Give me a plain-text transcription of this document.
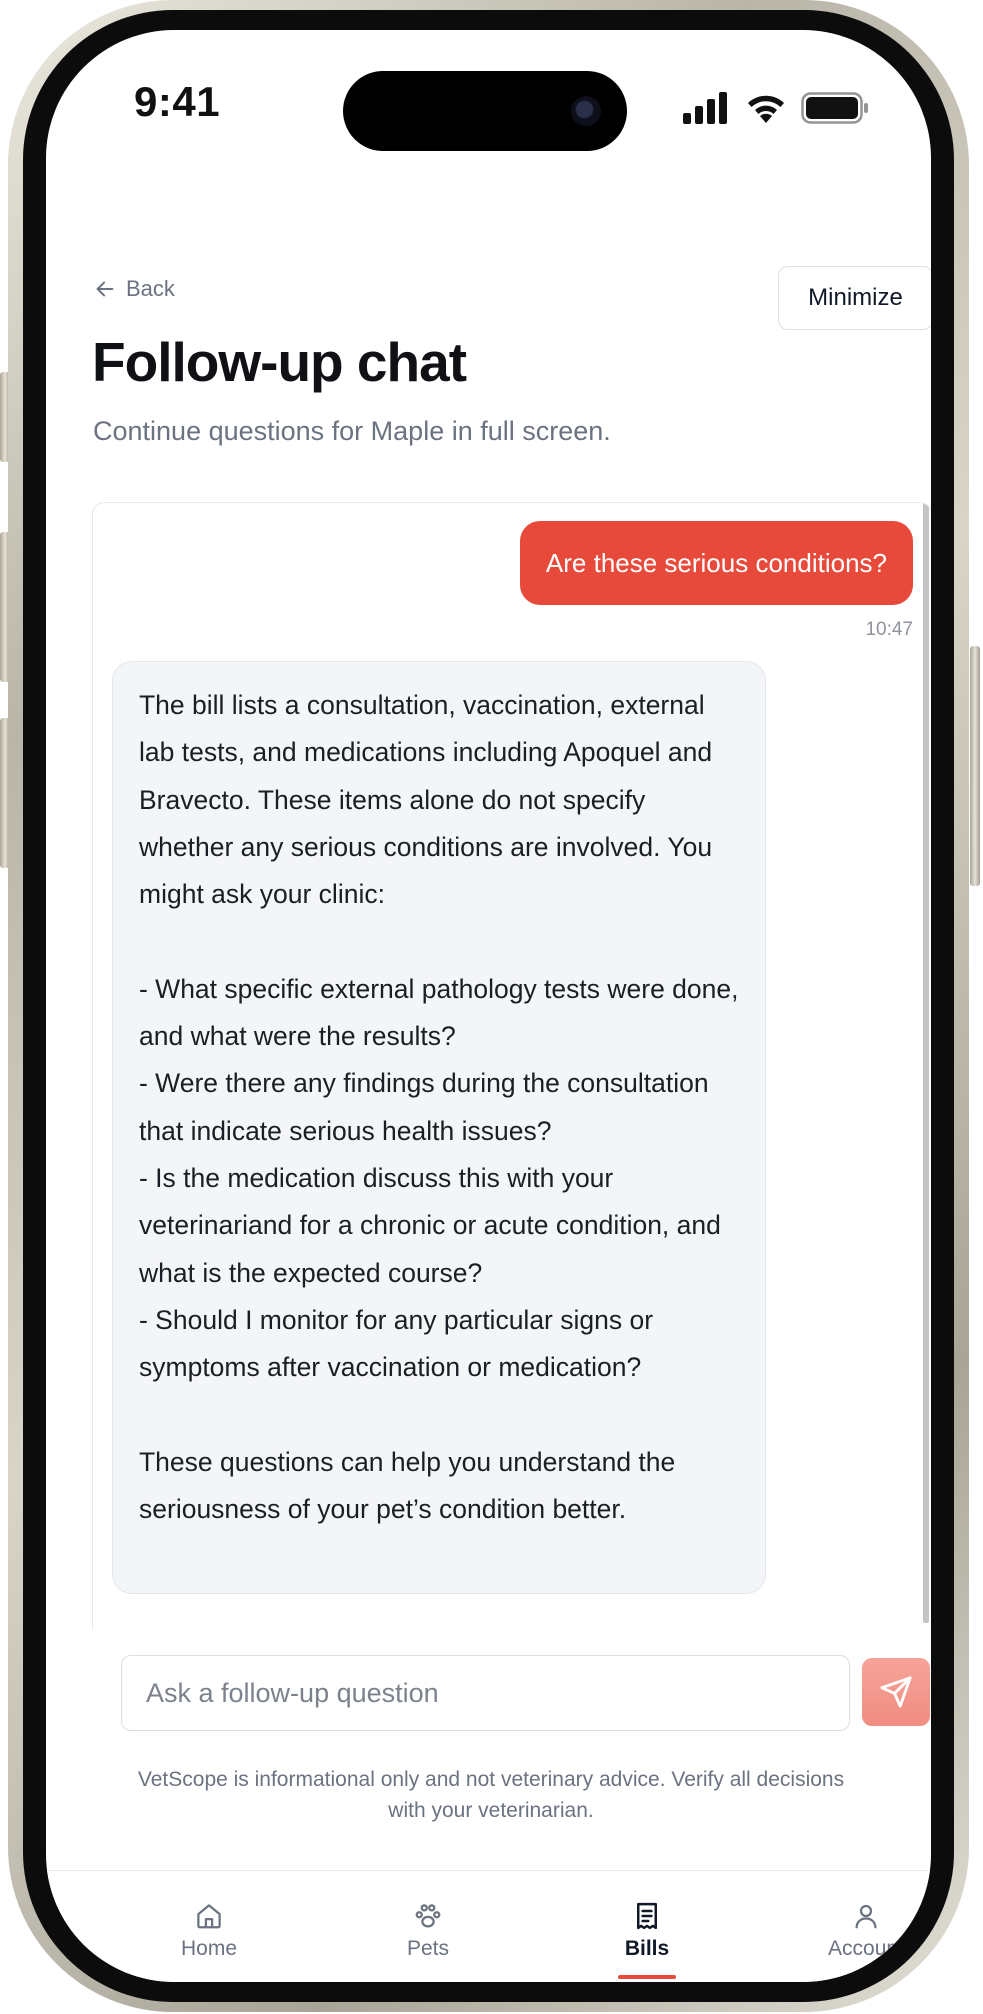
9:41
Back	Minimize
Follow-up chat

Continue questions for Maple in full screen.

Are these serious conditions?
10:47

The bill lists a consultation, vaccination, external lab tests, and medications including Apoquel and Bravecto. These items alone do not specify whether any serious conditions are involved. You might ask your clinic:

- What specific external pathology tests were done, and what were the results?
- Were there any findings during the consultation that indicate serious health issues?
- Is the medication discuss this with your veterinariand for a chronic or acute condition, and what is the expected course?
- Should I monitor for any particular signs or symptoms after vaccination or medication?

These questions can help you understand the seriousness of your pet’s condition better.

Ask a follow-up question

VetScope is informational only and not veterinary advice. Verify all decisions with your veterinarian.

Home	Pets	Bills	Account
